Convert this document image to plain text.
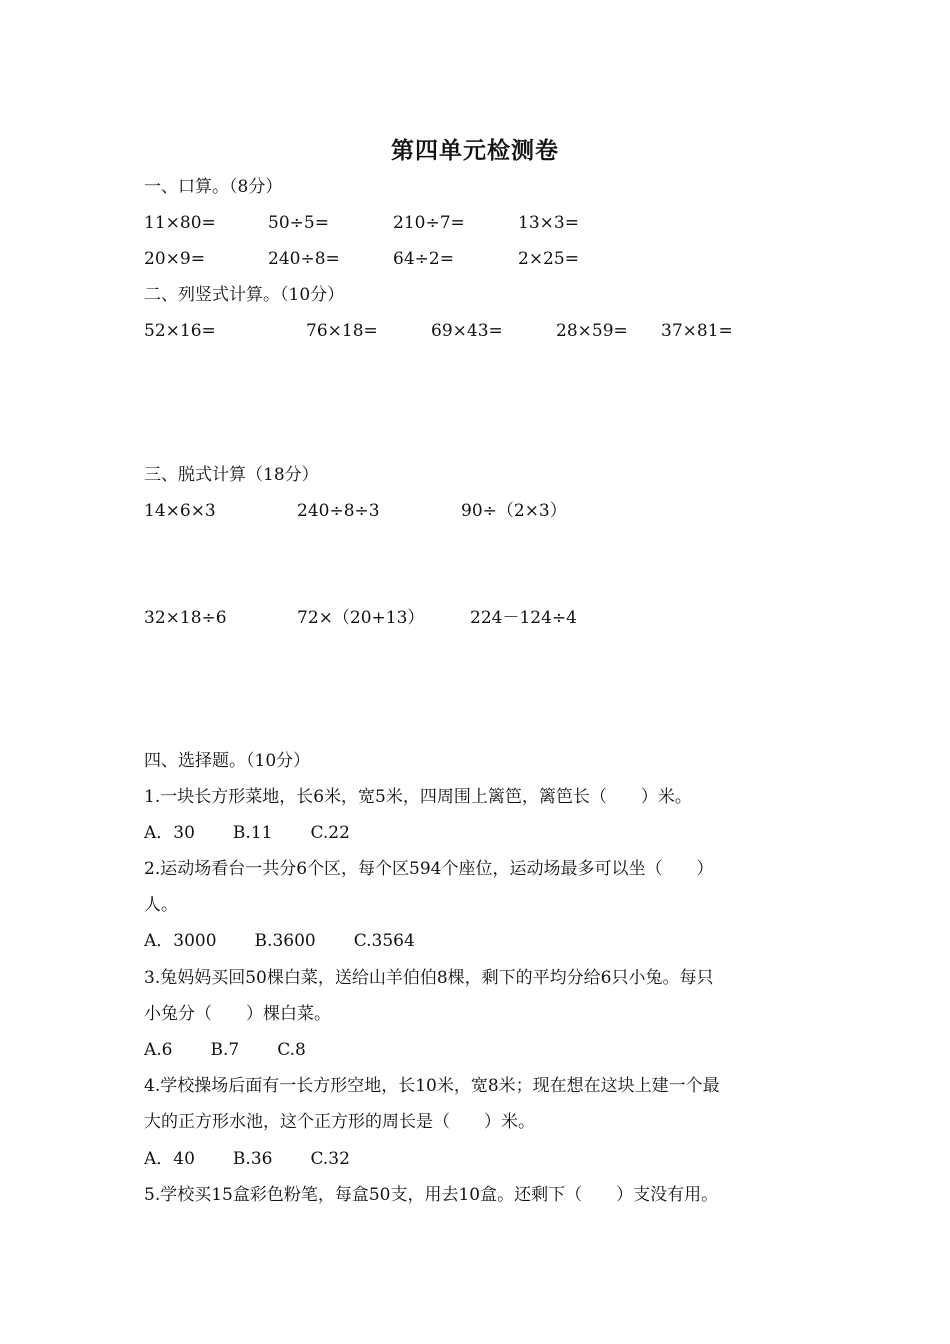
第四单元检测卷
一、口算。（8分）
11×80=	50÷5=	210÷7=	13×3=
20×9=	240÷8=	64÷2=	2×25=
二、列竖式计算。（10分）
52×16=	76×18=	69×43=	28×59= 37×81=
三、脱式计算（18分）
14×6×3	240÷8÷3	90÷（2×3）
32×18÷6	72×（20+13）	224－124÷4
四、选择题。（10分）
1.一块长方形菜地，长6米，宽5米，四周围上篱笆，篱笆长（　　）米。
A．30 B.11 C.22
2.运动场看台一共分6个区，每个区594个座位，运动场最多可以坐（　　）
人。
A．3000 B.3600 C.3564
3.兔妈妈买回50棵白菜，送给山羊伯伯8棵，剩下的平均分给6只小兔。每只
小兔分（　　）棵白菜。
A.6 B.7 C.8
4.学校操场后面有一长方形空地，长10米，宽8米；现在想在这块上建一个最
大的正方形水池，这个正方形的周长是（　　）米。
A．40 B.36 C.32
5.学校买15盒彩色粉笔，每盒50支，用去10盒。还剩下（　　）支没有用。
